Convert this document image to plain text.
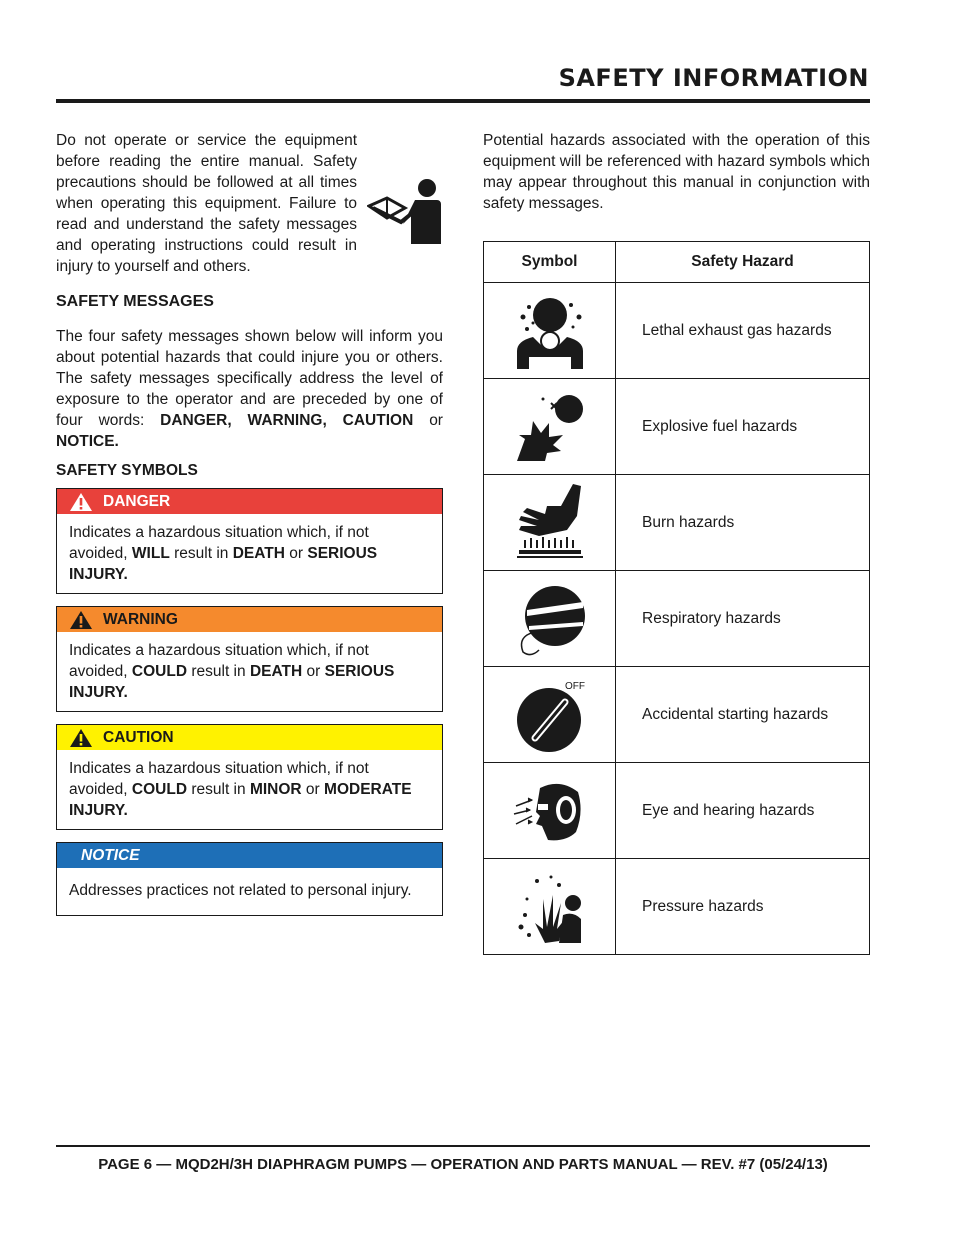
SAFETY INFORMATION

Do not operate or service the equipment before reading the entire manual. Safety precautions should be followed at all times when operating this equipment. Failure to read and understand the safety messages and operating instructions could result in injury to yourself and others.

SAFETY MESSAGES

The four safety messages shown below will inform you about potential hazards that could injure you or others. The safety messages specifically address the level of exposure to the operator and are preceded by one of four words: DANGER, WARNING, CAUTION or NOTICE.

SAFETY SYMBOLS
DANGER
Indicates a hazardous situation which, if not avoided, WILL result in DEATH or SERIOUS INJURY.
WARNING
Indicates a hazardous situation which, if not avoided, COULD result in DEATH or SERIOUS INJURY.
CAUTION
Indicates a hazardous situation which, if not avoided, COULD result in MINOR or MODERATE INJURY.
NOTICE
Addresses practices not related to personal injury.

Potential hazards associated with the operation of this equipment will be referenced with hazard symbols which may appear throughout this manual in conjunction with safety messages.

Symbol	Safety Hazard

	Lethal exhaust gas hazards

	Explosive fuel hazards

	Burn hazards

	Respiratory hazards

OFF	Accidental starting hazards

	Eye and hearing hazards

	Pressure hazards
PAGE 6 — MQD2H/3H DIAPHRAGM PUMPS — OPERATION AND PARTS MANUAL — REV. #7 (05/24/13)
